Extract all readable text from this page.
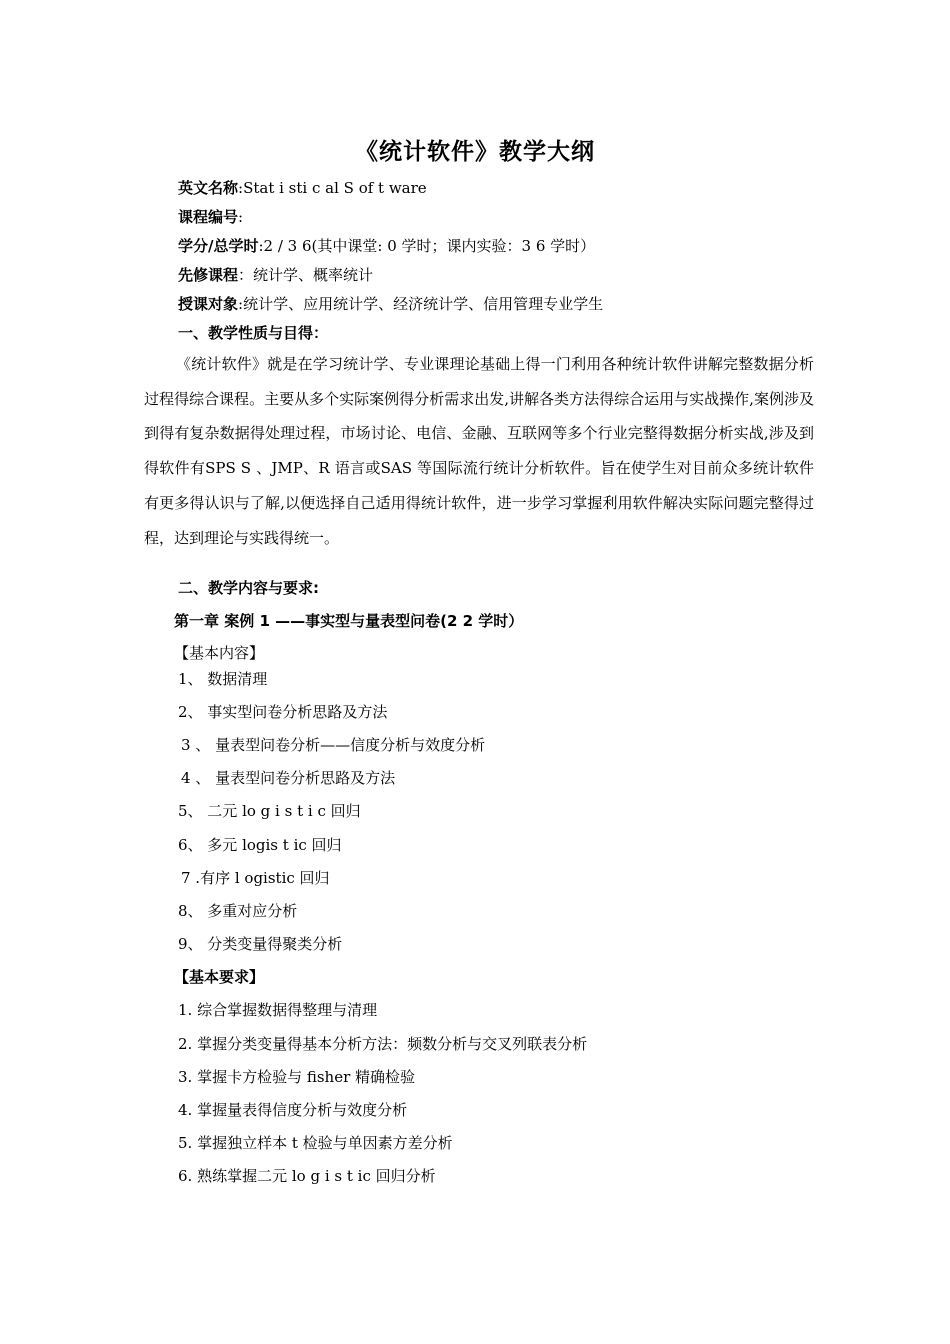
《统计软件》教学大纲
英文名称:Stat i sti c al S of t ware
课程编号:
学分/总学时:2 / 3 6(其中课堂: 0 学时；课内实验：3 6 学时）
先修课程：统计学、概率统计
授课对象:统计学、应用统计学、经济统计学、信用管理专业学生
一、教学性质与目得：
《统计软件》就是在学习统计学、专业课理论基础上得一门利用各种统计软件讲解完整数据分析过程得综合课程。主要从多个实际案例得分析需求出发,讲解各类方法得综合运用与实战操作,案例涉及到得有复杂数据得处理过程，市场讨论、电信、金融、互联网等多个行业完整得数据分析实战,涉及到得软件有SPS S 、JMP、R 语言或SAS 等国际流行统计分析软件。旨在使学生对目前众多统计软件有更多得认识与了解,以便选择自己适用得统计软件，进一步学习掌握利用软件解决实际问题完整得过程，达到理论与实践得统一。
二、教学内容与要求:
第一章 案例 1 ——事实型与量表型问卷(2 2 学时）
【基本内容】
1、 数据清理
2、 事实型问卷分析思路及方法
3 、 量表型问卷分析——信度分析与效度分析
4 、 量表型问卷分析思路及方法
5、 二元 lo g i s t i c 回归
6、 多元 logis t ic 回归
7 .有序 l ogistic 回归
8、 多重对应分析
9、 分类变量得聚类分析
【基本要求】
1. 综合掌握数据得整理与清理
2. 掌握分类变量得基本分析方法：频数分析与交叉列联表分析
3. 掌握卡方检验与 fisher 精确检验
4. 掌握量表得信度分析与效度分析
5. 掌握独立样本 t 检验与单因素方差分析
6. 熟练掌握二元 lo g i s t ic 回归分析
